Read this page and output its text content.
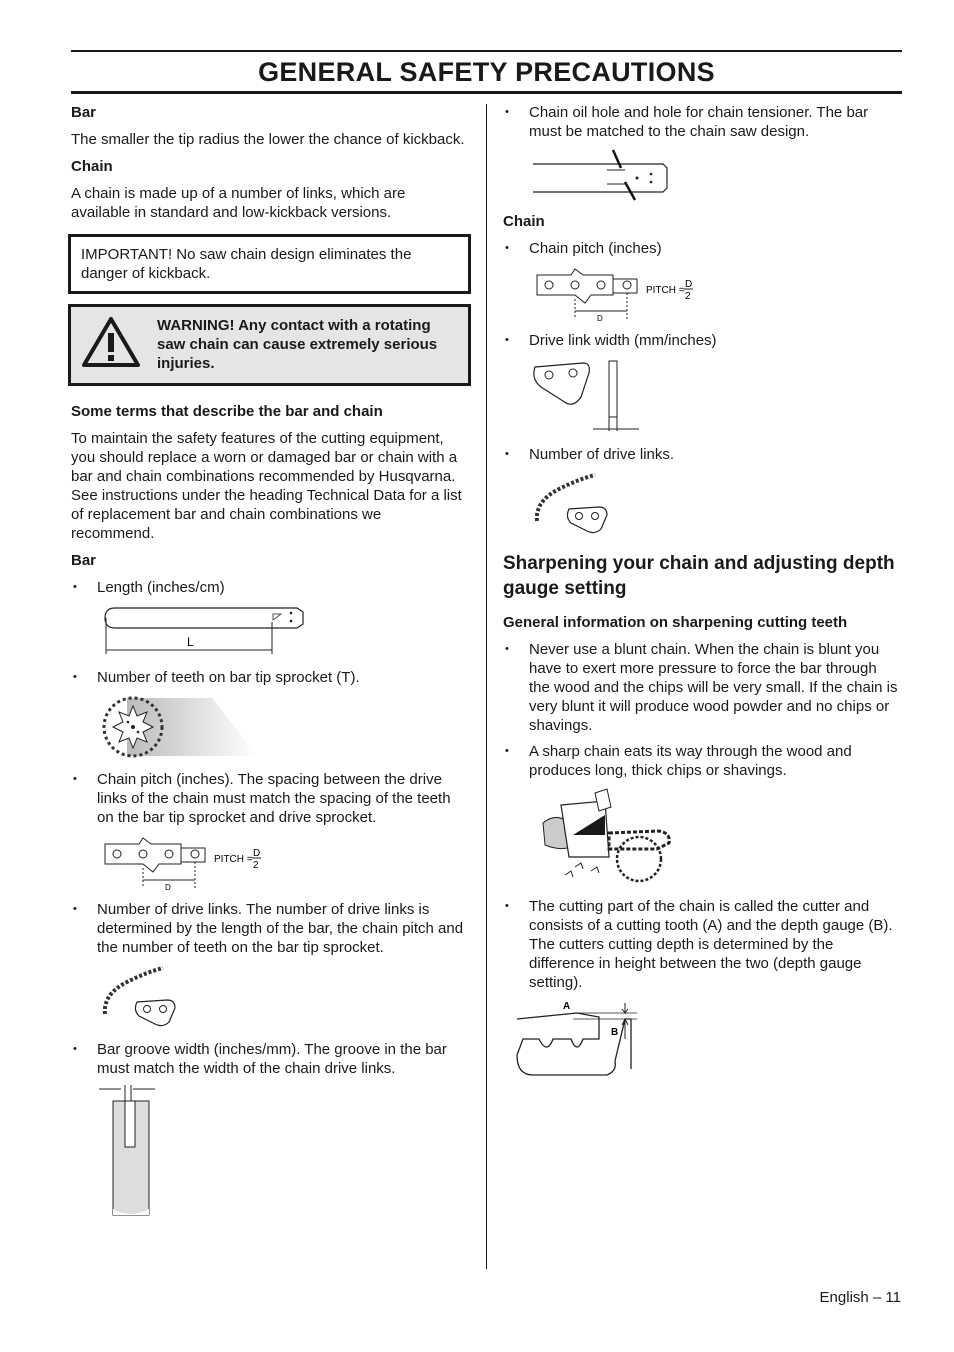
GENERAL SAFETY PRECAUTIONS
Bar

The smaller the tip radius the lower the chance of kickback.

Chain

A chain is made up of a number of links, which are available in standard and low-kickback versions.

IMPORTANT! No saw chain design eliminates the danger of kickback.
WARNING! Any contact with a rotating saw chain can cause extremely serious injuries.
Some terms that describe the bar and chain

To maintain the safety features of the cutting equipment, you should replace a worn or damaged bar or chain with a bar and chain combinations recommended by Husqvarna. See instructions under the heading Technical Data for a list of replacement bar and chain combinations we recommend.

Bar
• Length (inches/cm)
L
• Number of teeth on bar tip sprocket (T).
• Chain pitch (inches). The spacing between the drive links of the chain must match the spacing of the teeth on the bar tip sprocket and drive sprocket.
D
PITCH =
D
2
• Number of drive links. The number of drive links is determined by the length of the bar, the chain pitch and the number of teeth on the bar tip sprocket.
• Bar groove width (inches/mm). The groove in the bar must match the width of the chain drive links.
• Chain oil hole and hole for chain tensioner. The bar must be matched to the chain saw design.
Chain
• Chain pitch (inches)
D
PITCH =
D
2
• Drive link width (mm/inches)
• Number of drive links.
Sharpening your chain and adjusting depth gauge setting
General information on sharpening cutting teeth
• Never use a blunt chain. When the chain is blunt you have to exert more pressure to force the bar through the wood and the chips will be very small. If the chain is very blunt it will produce wood powder and no chips or shavings.
• A sharp chain eats its way through the wood and produces long, thick chips or shavings.
• The cutting part of the chain is called the cutter and consists of a cutting tooth (A) and the depth gauge (B). The cutters cutting depth is determined by the difference in height between the two (depth gauge setting).
A
B
English – 11
